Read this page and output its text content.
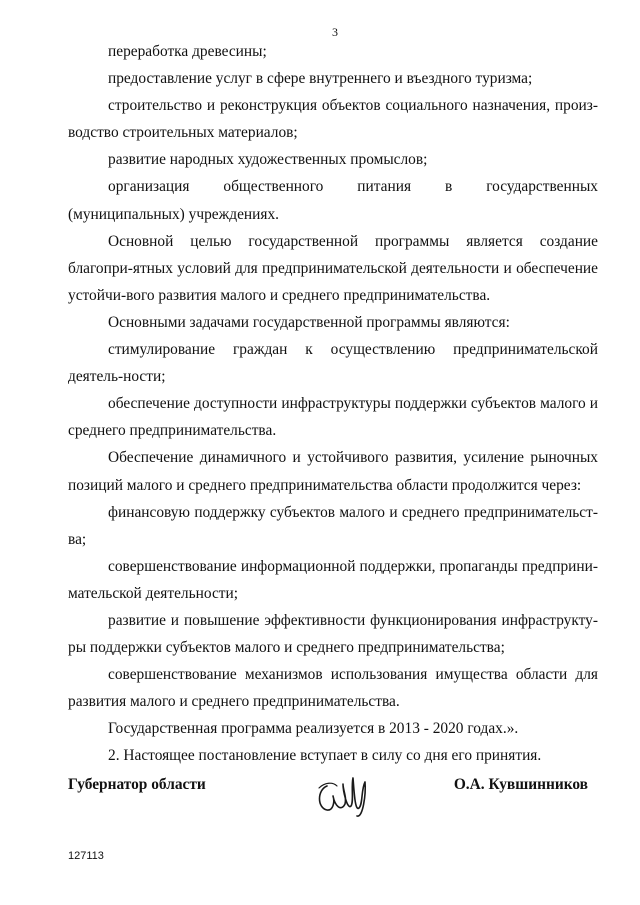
3

переработка древесины;

предоставление услуг в сфере внутреннего и въездного туризма;

строительство и реконструкция объектов социального назначения, произ-водство строительных материалов;

развитие народных художественных промыслов;

организация общественного питания в государственных (муниципальных) учреждениях.

Основной целью государственной программы является создание благопри-ятных условий для предпринимательской деятельности и обеспечение устойчи-вого развития малого и среднего предпринимательства.

Основными задачами государственной программы являются:

стимулирование граждан к осуществлению предпринимательской деятель-ности;

обеспечение доступности инфраструктуры поддержки субъектов малого и среднего предпринимательства.

Обеспечение динамичного и устойчивого развития, усиление рыночных позиций малого и среднего предпринимательства области продолжится через:

финансовую поддержку субъектов малого и среднего предпринимательст-ва;

совершенствование информационной поддержки, пропаганды предприни-мательской деятельности;

развитие и повышение эффективности функционирования инфраструкту-ры поддержки субъектов малого и среднего предпринимательства;

совершенствование механизмов использования имущества области для развития малого и среднего предпринимательства.

Государственная программа реализуется в 2013 - 2020 годах.».

2. Настоящее постановление вступает в силу со дня его принятия.

Губернатор области	О.А. Кувшинников
127113
